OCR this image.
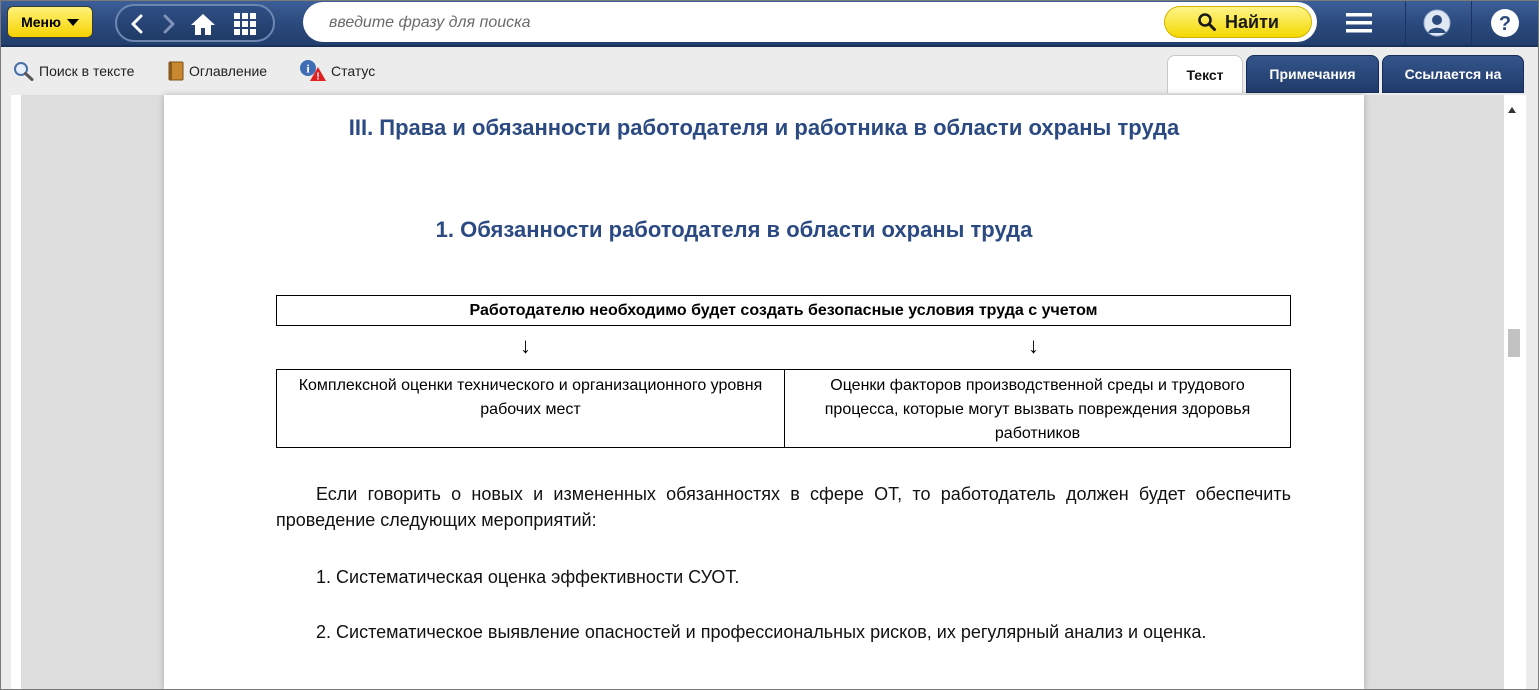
Меню
введите фразу для поиска	Найти	?
Поиск в тексте	Оглавление	i
! Статус	Текст	Примечания	Ссылается на
III. Права и обязанности работодателя и работника в области охраны труда
1. Обязанности работодателя в области охраны труда
Работодателю необходимо будет создать безопасные условия труда с учетом
↓	↓
Комплексной оценки технического и организационного уровня рабочих мест
Оценки факторов производственной среды и трудового процесса, которые могут вызвать повреждения здоровья работников
Если говорить о новых и измененных обязанностях в сфере ОТ, то работодатель должен будет обеспечить проведение следующих мероприятий:
1. Систематическая оценка эффективности СУОТ.
2. Систематическое выявление опасностей и профессиональных рисков, их регулярный анализ и оценка.
